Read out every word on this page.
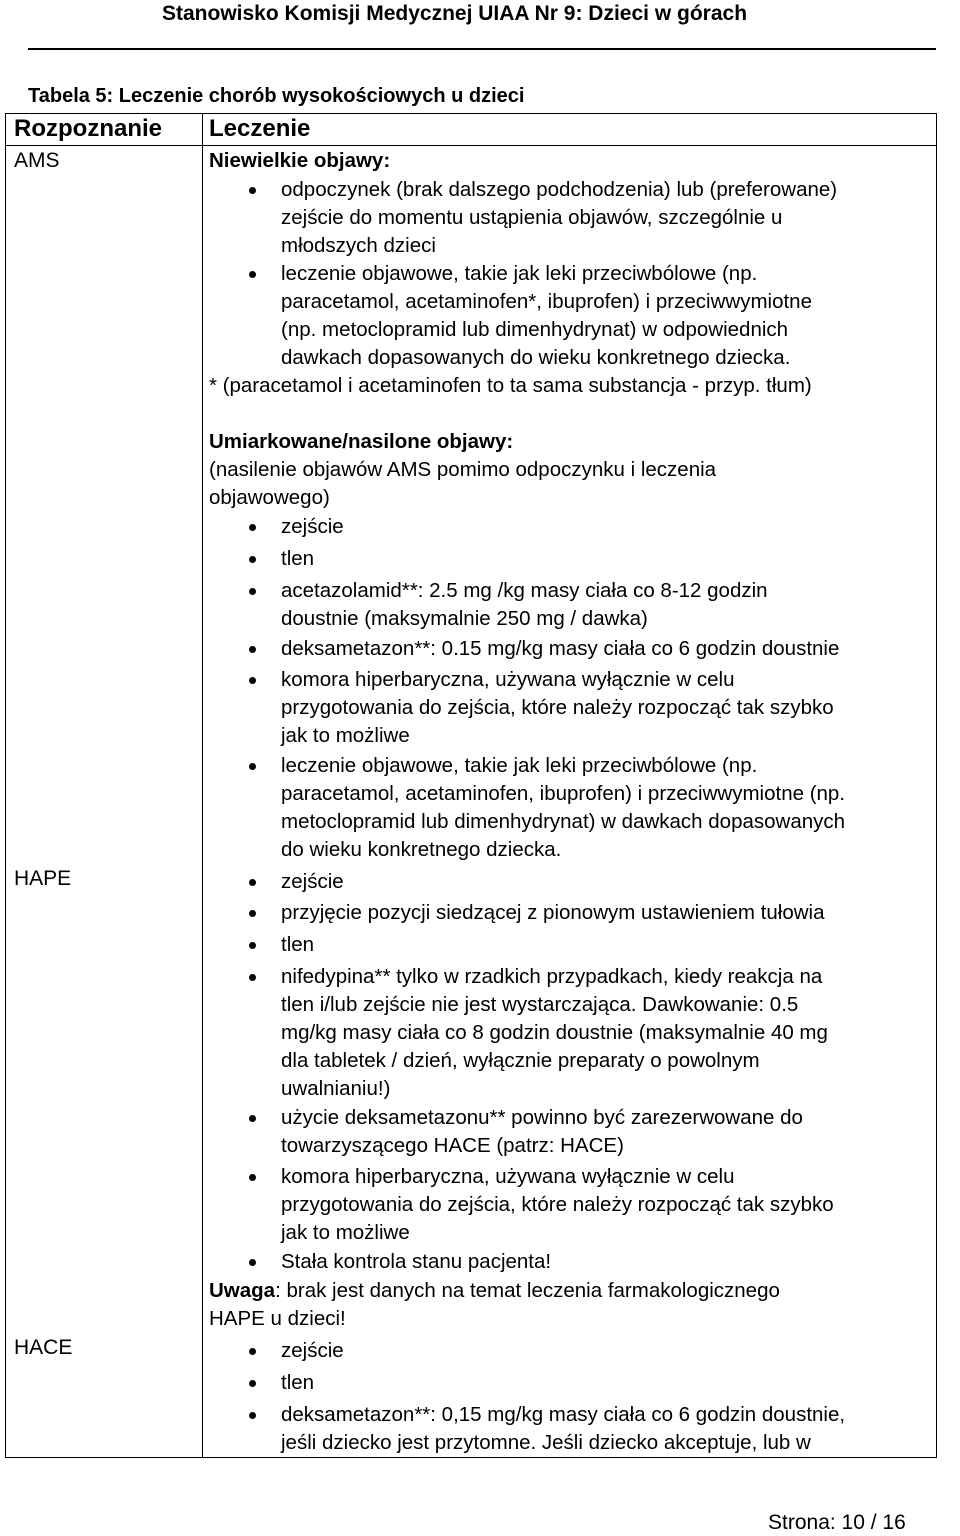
Stanowisko Komisji Medycznej UIAA Nr 9: Dzieci w górach
Tabela 5: Leczenie chorób wysokościowych u dzieci
Rozpoznanie Leczenie
AMS	Niewielkie objawy:
odpoczynek (brak dalszego podchodzenia) lub (preferowane)
zejście do momentu ustąpienia objawów, szczególnie u
młodszych dzieci
leczenie objawowe, takie jak leki przeciwbólowe (np.
paracetamol, acetaminofen*, ibuprofen) i przeciwwymiotne
(np. metoclopramid lub dimenhydrynat) w odpowiednich
dawkach dopasowanych do wieku konkretnego dziecka.
* (paracetamol i acetaminofen to ta sama substancja - przyp. tłum)
Umiarkowane/nasilone objawy:
(nasilenie objawów AMS pomimo odpoczynku i leczenia
objawowego)
zejście
tlen
acetazolamid**: 2.5 mg /kg masy ciała co 8-12 godzin
doustnie (maksymalnie 250 mg / dawka)
deksametazon**: 0.15 mg/kg masy ciała co 6 godzin doustnie
komora hiperbaryczna, używana wyłącznie w celu
przygotowania do zejścia, które należy rozpocząć tak szybko
jak to możliwe
leczenie objawowe, takie jak leki przeciwbólowe (np.
paracetamol, acetaminofen, ibuprofen) i przeciwwymiotne (np.
metoclopramid lub dimenhydrynat) w dawkach dopasowanych
do wieku konkretnego dziecka.
HAPE	zejście
przyjęcie pozycji siedzącej z pionowym ustawieniem tułowia
tlen
nifedypina** tylko w rzadkich przypadkach, kiedy reakcja na
tlen i/lub zejście nie jest wystarczająca. Dawkowanie: 0.5
mg/kg masy ciała co 8 godzin doustnie (maksymalnie 40 mg
dla tabletek / dzień, wyłącznie preparaty o powolnym
uwalnianiu!)
użycie deksametazonu** powinno być zarezerwowane do
towarzyszącego HACE (patrz: HACE)
komora hiperbaryczna, używana wyłącznie w celu
przygotowania do zejścia, które należy rozpocząć tak szybko
jak to możliwe
Stała kontrola stanu pacjenta!
Uwaga: brak jest danych na temat leczenia farmakologicznego
HAPE u dzieci!
HACE	zejście
tlen
deksametazon**: 0,15 mg/kg masy ciała co 6 godzin doustnie,
jeśli dziecko jest przytomne. Jeśli dziecko akceptuje, lub w
Strona: 10 / 16
